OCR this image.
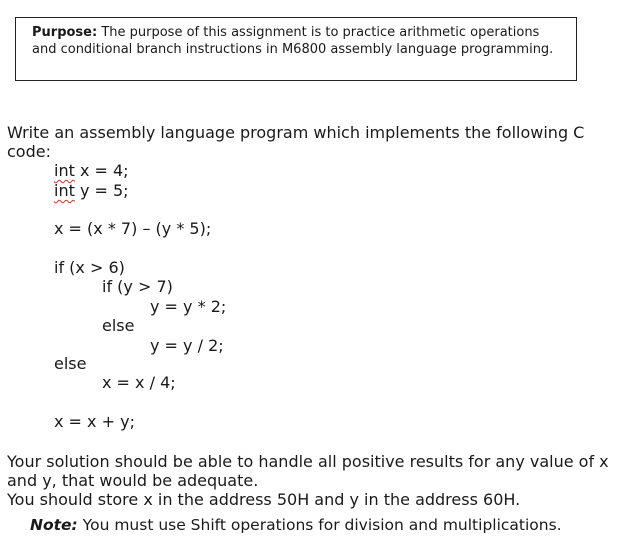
Purpose: The purpose of this assignment is to practice arithmetic operations and conditional branch instructions in M6800 assembly language programming.
Write an assembly language program which implements the following C code:
int x = 4;
int y = 5;
x = (x * 7) – (y * 5);
if (x > 6)
if (y > 7)
y = y * 2;
else
y = y / 2;
else
x = x / 4;
x = x + y;
Your solution should be able to handle all positive results for any value of x and y, that would be adequate.
You should store x in the address 50H and y in the address 60H.
Note: You must use Shift operations for division and multiplications.
